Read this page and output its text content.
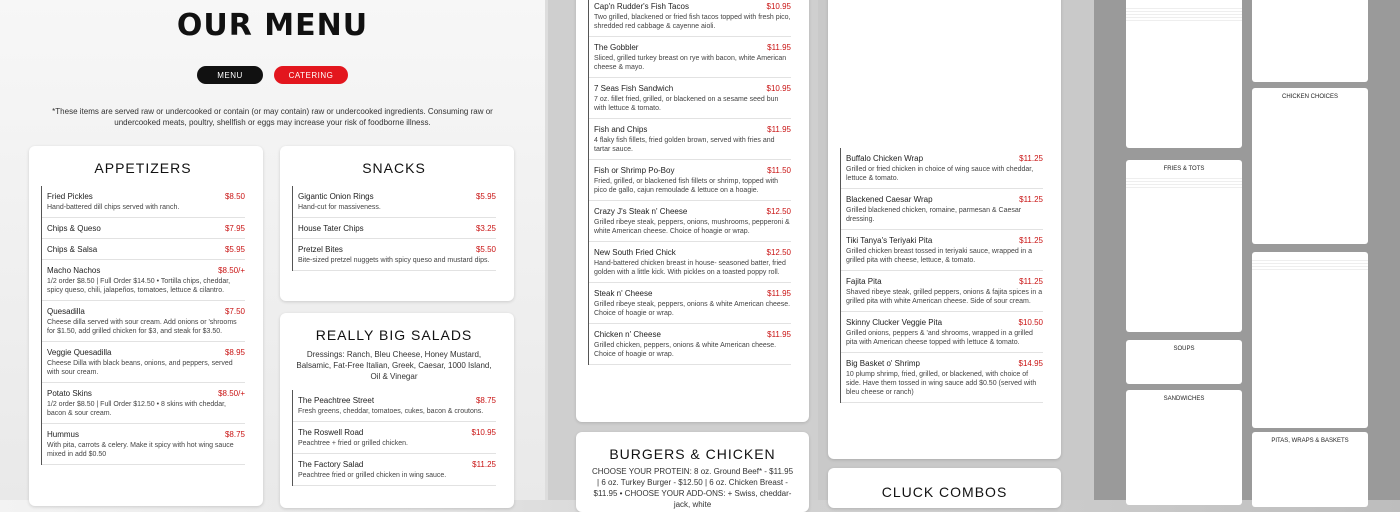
OUR MENU
MENU	CATERING
*These items are served raw or undercooked or contain (or may contain) raw or undercooked ingredients. Consuming raw or undercooked meats, poultry, shellfish or eggs may increase your risk of foodborne illness.
APPETIZERS
Fried Pickles	$8.50
Hand-battered dill chips served with ranch.
Chips & Queso	$7.95
Chips & Salsa	$5.95
Macho Nachos	$8.50/+
1/2 order $8.50 | Full Order $14.50 • Tortilla chips, cheddar, spicy queso, chili, jalapeños, tomatoes, lettuce & cilantro.
Quesadilla	$7.50
Cheese dilla served with sour cream. Add onions or 'shrooms for $1.50, add grilled chicken for $3, and steak for $3.50.
Veggie Quesadilla	$8.95
Cheese Dilla with black beans, onions, and peppers, served with sour cream.
Potato Skins	$8.50/+
1/2 order $8.50 | Full Order $12.50 • 8 skins with cheddar, bacon & sour cream.
Hummus	$8.75
With pita, carrots & celery. Make it spicy with hot wing sauce mixed in add $0.50
SNACKS
Gigantic Onion Rings	$5.95
Hand-cut for massiveness.
House Tater Chips	$3.25
Pretzel Bites	$5.50
Bite-sized pretzel nuggets with spicy queso and mustard dips.
REALLY BIG SALADS
Dressings: Ranch, Bleu Cheese, Honey Mustard, Balsamic, Fat-Free Italian, Greek, Caesar, 1000 Island, Oil & Vinegar
The Peachtree Street	$8.75
Fresh greens, cheddar, tomatoes, cukes, bacon & croutons.
The Roswell Road	$10.95
Peachtree + fried or grilled chicken.
The Factory Salad	$11.25
Peachtree fried or grilled chicken in wing sauce.
Cap'n Rudder's Fish Tacos	$10.95
Two grilled, blackened or fried fish tacos topped with fresh pico, shredded red cabbage & cayenne aioli.
The Gobbler	$11.95
Sliced, grilled turkey breast on rye with bacon, white American cheese & mayo.
7 Seas Fish Sandwich	$10.95
7 oz. fillet fried, grilled, or blackened on a sesame seed bun with lettuce & tomato.
Fish and Chips	$11.95
4 flaky fish fillets, fried golden brown, served with fries and tartar sauce.
Fish or Shrimp Po-Boy	$11.50
Fried, grilled, or blackened fish fillets or shrimp, topped with pico de gallo, cajun remoulade & lettuce on a hoagie.
Crazy J's Steak n' Cheese	$12.50
Grilled ribeye steak, peppers, onions, mushrooms, pepperoni & white American cheese. Choice of hoagie or wrap.
New South Fried Chick	$12.50
Hand-battered chicken breast in house- seasoned batter, fried golden with a little kick. With pickles on a toasted poppy roll.
Steak n' Cheese	$11.95
Grilled ribeye steak, peppers, onions & white American cheese. Choice of hoagie or wrap.
Chicken n' Cheese	$11.95
Grilled chicken, peppers, onions & white American cheese. Choice of hoagie or wrap.
BURGERS & CHICKEN
CHOOSE YOUR PROTEIN: 8 oz. Ground Beef* - $11.95 | 6 oz. Turkey Burger - $12.50 | 6 oz. Chicken Breast - $11.95 • CHOOSE YOUR ADD-ONS: + Swiss, cheddar-jack, white
Buffalo Chicken Wrap	$11.25
Grilled or fried chicken in choice of wing sauce with cheddar, lettuce & tomato.
Blackened Caesar Wrap	$11.25
Grilled blackened chicken, romaine, parmesan & Caesar dressing.
Tiki Tanya's Teriyaki Pita	$11.25
Grilled chicken breast tossed in teriyaki sauce, wrapped in a grilled pita with cheese, lettuce, & tomato.
Fajita Pita	$11.25
Shaved ribeye steak, grilled peppers, onions & fajita spices in a grilled pita with white American cheese. Side of sour cream.
Skinny Clucker Veggie Pita	$10.50
Grilled onions, peppers & 'and shrooms, wrapped in a grilled pita with American cheese topped with lettuce & tomato.
Big Basket o' Shrimp	$14.95
10 plump shrimp, fried, grilled, or blackened, with choice of side. Have them tossed in wing sauce add $0.50 (served with bleu cheese or ranch)
CLUCK COMBOS
FRIES & TOTS
SOUPS
SANDWICHES
CHICKEN CHOICES
PITAS, WRAPS & BASKETS
